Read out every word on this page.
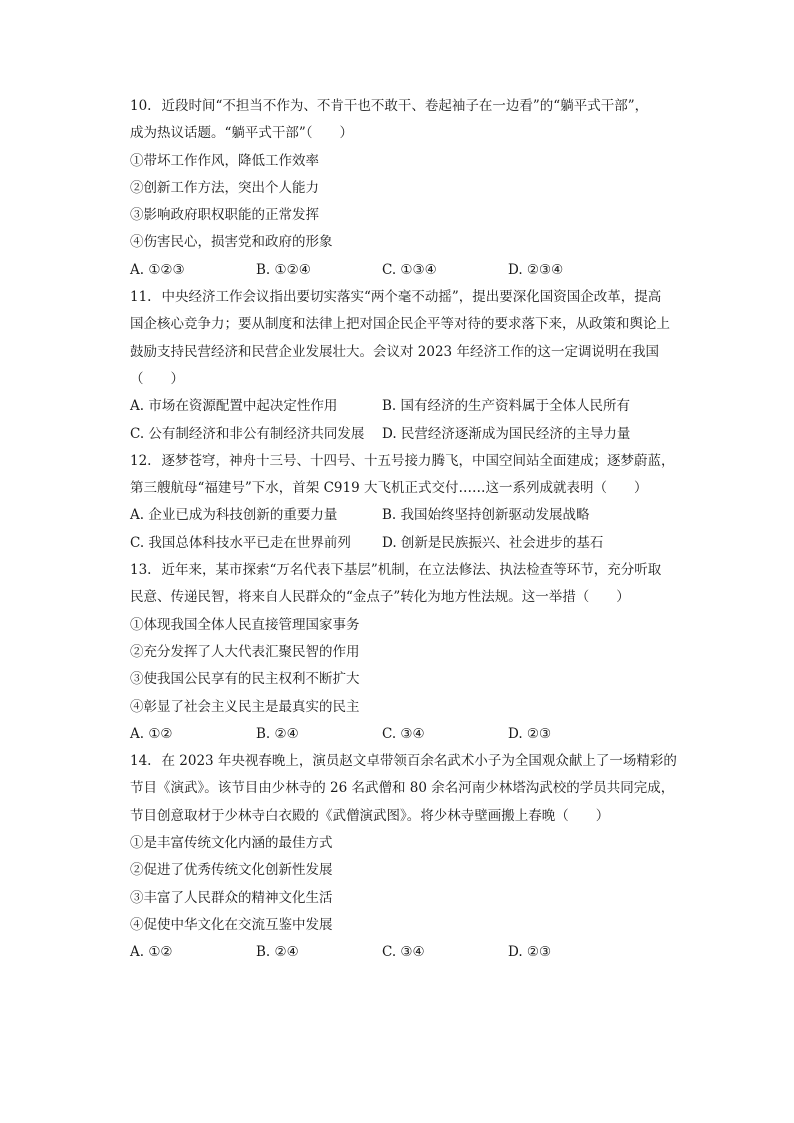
10. 近段时间“不担当不作为、不肯干也不敢干、卷起袖子在一边看”的“躺平式干部”，
成为热议话题。“躺平式干部”（　　）
①带坏工作作风，降低工作效率
②创新工作方法，突出个人能力
③影响政府职权职能的正常发挥
④伤害民心，损害党和政府的形象
A. ①②③	B. ①②④	C. ①③④	D. ②③④
11. 中央经济工作会议指出要切实落实“两个毫不动摇”，提出要深化国资国企改革，提高
国企核心竞争力；要从制度和法律上把对国企民企平等对待的要求落下来，从政策和舆论上
鼓励支持民营经济和民营企业发展壮大。会议对 2023 年经济工作的这一定调说明在我国
（　　）
A. 市场在资源配置中起决定性作用	B. 国有经济的生产资料属于全体人民所有
C. 公有制经济和非公有制经济共同发展	D. 民营经济逐渐成为国民经济的主导力量
12. 逐梦苍穹，神舟十三号、十四号、十五号接力腾飞，中国空间站全面建成；逐梦蔚蓝，
第三艘航母“福建号”下水，首架 C919 大飞机正式交付……这一系列成就表明（　　）
A. 企业已成为科技创新的重要力量	B. 我国始终坚持创新驱动发展战略
C. 我国总体科技水平已走在世界前列	D. 创新是民族振兴、社会进步的基石
13. 近年来，某市探索“万名代表下基层”机制，在立法修法、执法检查等环节，充分听取
民意、传递民智，将来自人民群众的“金点子”转化为地方性法规。这一举措（　　）
①体现我国全体人民直接管理国家事务
②充分发挥了人大代表汇聚民智的作用
③使我国公民享有的民主权利不断扩大
④彰显了社会主义民主是最真实的民主
A. ①②	B. ②④	C. ③④	D. ②③
14. 在 2023 年央视春晚上，演员赵文卓带领百余名武术小子为全国观众献上了一场精彩的
节目《演武》。该节目由少林寺的 26 名武僧和 80 余名河南少林塔沟武校的学员共同完成，
节目创意取材于少林寺白衣殿的《武僧演武图》。将少林寺壁画搬上春晚（　　）
①是丰富传统文化内涵的最佳方式
②促进了优秀传统文化创新性发展
③丰富了人民群众的精神文化生活
④促使中华文化在交流互鉴中发展
A. ①②	B. ②④	C. ③④	D. ②③
